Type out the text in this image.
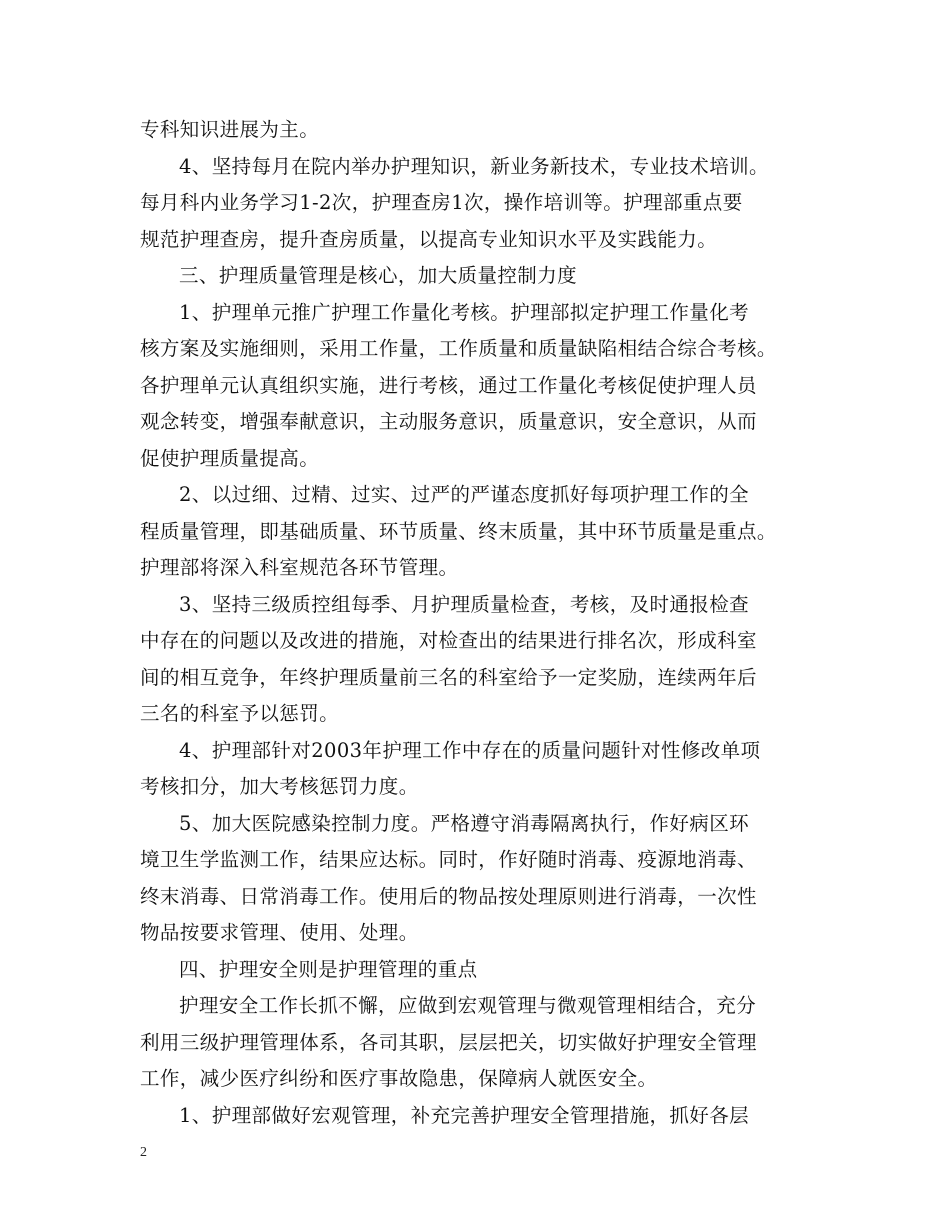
专科知识进展为主。
4、坚持每月在院内举办护理知识，新业务新技术，专业技术培训。
每月科内业务学习1-2次，护理查房1次，操作培训等。护理部重点要
规范护理查房，提升查房质量，以提高专业知识水平及实践能力。
三、护理质量管理是核心，加大质量控制力度
1、护理单元推广护理工作量化考核。护理部拟定护理工作量化考
核方案及实施细则，采用工作量，工作质量和质量缺陷相结合综合考核。
各护理单元认真组织实施，进行考核，通过工作量化考核促使护理人员
观念转变，增强奉献意识，主动服务意识，质量意识，安全意识，从而
促使护理质量提高。
2、以过细、过精、过实、过严的严谨态度抓好每项护理工作的全
程质量管理，即基础质量、环节质量、终末质量，其中环节质量是重点。
护理部将深入科室规范各环节管理。
3、坚持三级质控组每季、月护理质量检查，考核，及时通报检查
中存在的问题以及改进的措施，对检查出的结果进行排名次，形成科室
间的相互竞争，年终护理质量前三名的科室给予一定奖励，连续两年后
三名的科室予以惩罚。
4、护理部针对2003年护理工作中存在的质量问题针对性修改单项
考核扣分，加大考核惩罚力度。
5、加大医院感染控制力度。严格遵守消毒隔离执行，作好病区环
境卫生学监测工作，结果应达标。同时，作好随时消毒、疫源地消毒、
终末消毒、日常消毒工作。使用后的物品按处理原则进行消毒，一次性
物品按要求管理、使用、处理。
四、护理安全则是护理管理的重点
护理安全工作长抓不懈，应做到宏观管理与微观管理相结合，充分
利用三级护理管理体系，各司其职，层层把关，切实做好护理安全管理
工作，减少医疗纠纷和医疗事故隐患，保障病人就医安全。
1、护理部做好宏观管理，补充完善护理安全管理措施，抓好各层
2
